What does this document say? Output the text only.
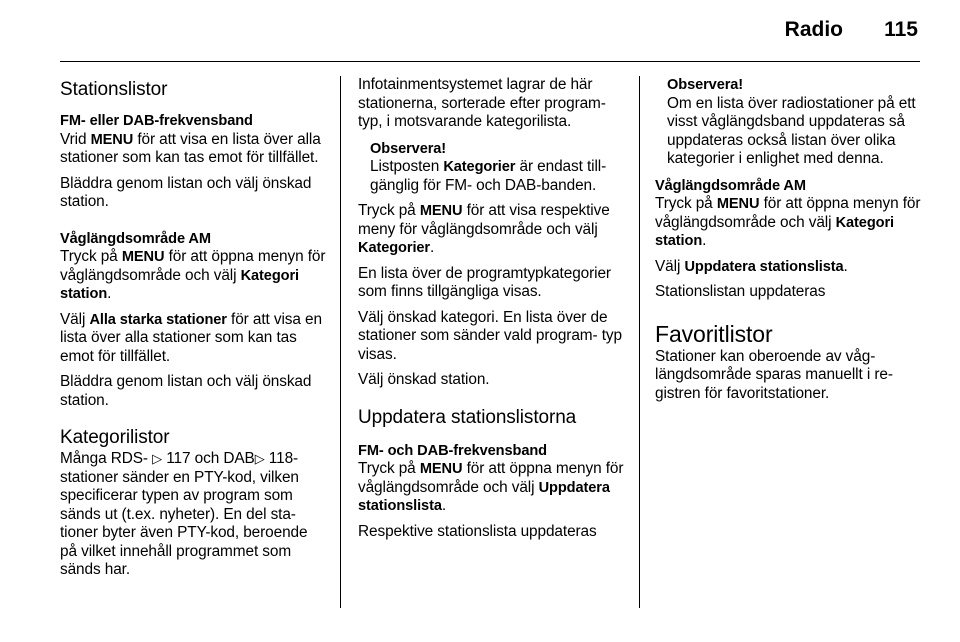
Radio 115
Stationslistor
FM- eller DAB-frekvensband
Vrid MENU för att visa en lista över alla stationer som kan tas emot för tillfället.
Bläddra genom listan och välj önskad station.
Våglängdsområde AM
Tryck på MENU för att öppna menyn för våglängdsområde och välj Kategori station.
Välj Alla starka stationer för att visa en lista över alla stationer som kan tas emot för tillfället.
Bläddra genom listan och välj önskad station.
Kategorilistor
Många RDS- ▷ 117 och DAB▷ 118- stationer sänder en PTY-kod, vilken specificerar typen av program som sänds ut (t.ex. nyheter). En del sta- tioner byter även PTY-kod, beroende på vilket innehåll programmet som sänds har.
Infotainmentsystemet lagrar de här stationerna, sorterade efter program- typ, i motsvarande kategorilista.
Observera!
Listposten Kategorier är endast till- gänglig för FM- och DAB-banden.
Tryck på MENU för att visa respektive meny för våglängdsområde och välj Kategorier.
En lista över de programtypkategorier som finns tillgängliga visas.
Välj önskad kategori. En lista över de stationer som sänder vald program- typ visas.
Välj önskad station.
Uppdatera stationslistorna
FM- och DAB-frekvensband
Tryck på MENU för att öppna menyn för våglängdsområde och välj Uppdatera stationslista.
Respektive stationslista uppdateras
Observera!
Om en lista över radiostationer på ett visst våglängdsband uppdateras så uppdateras också listan över olika kategorier i enlighet med denna.
Våglängdsområde AM
Tryck på MENU för att öppna menyn för våglängdsområde och välj Kategori station.
Välj Uppdatera stationslista.
Stationslistan uppdateras
Favoritlistor
Stationer kan oberoende av våg- längdsområde sparas manuellt i re- gistren för favoritstationer.
